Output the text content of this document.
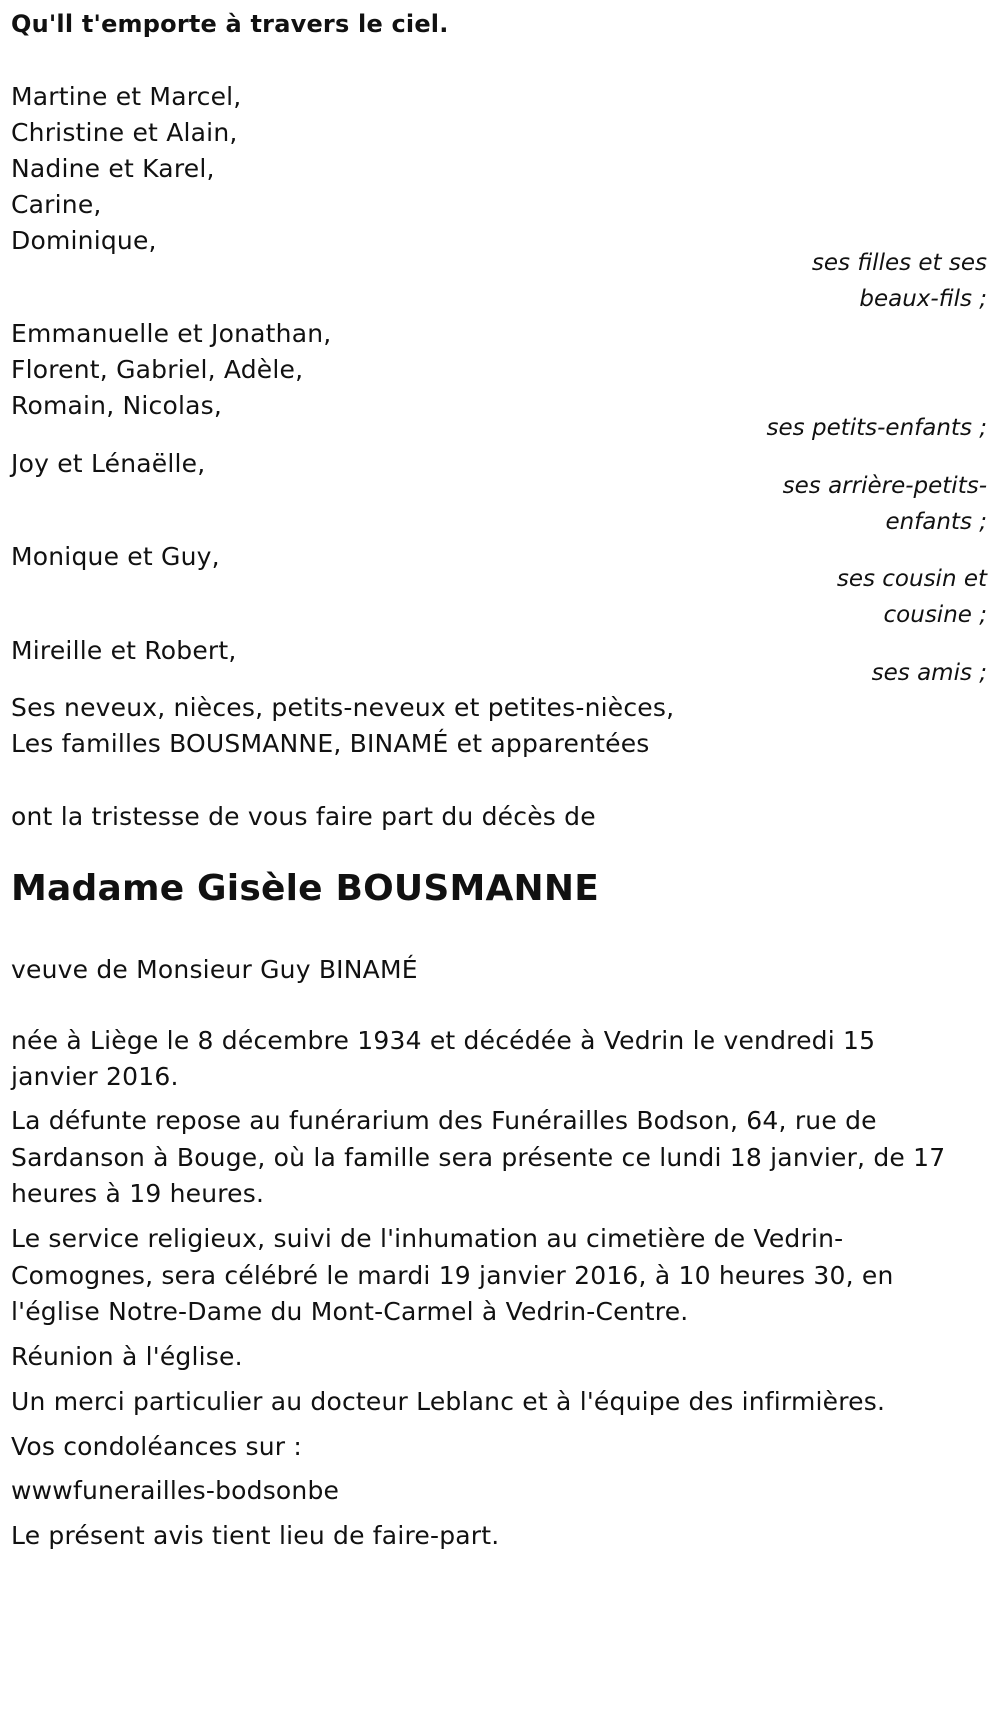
Qu'll t'emporte à travers le ciel.
Martine et Marcel,
Christine et Alain,
Nadine et Karel,
Carine,
Dominique,
ses filles et ses
beaux-fils ;
Emmanuelle et Jonathan,
Florent, Gabriel, Adèle,
Romain, Nicolas,
ses petits-enfants ;
Joy et Lénaëlle,
ses arrière-petits-
enfants ;
Monique et Guy,
ses cousin et
cousine ;
Mireille et Robert,
ses amis ;
Ses neveux, nièces, petits-neveux et petites-nièces,
Les familles BOUSMANNE, BINAMÉ et apparentées
ont la tristesse de vous faire part du décès de
Madame Gisèle BOUSMANNE
veuve de Monsieur Guy BINAMÉ
née à Liège le 8 décembre 1934 et décédée à Vedrin le vendredi 15
janvier 2016.
La défunte repose au funérarium des Funérailles Bodson, 64, rue de
Sardanson à Bouge, où la famille sera présente ce lundi 18 janvier, de 17
heures à 19 heures.
Le service religieux, suivi de l'inhumation au cimetière de Vedrin-
Comognes, sera célébré le mardi 19 janvier 2016, à 10 heures 30, en
l'église Notre-Dame du Mont-Carmel à Vedrin-Centre.
Réunion à l'église.
Un merci particulier au docteur Leblanc et à l'équipe des infirmières.
Vos condoléances sur :
wwwfunerailles-bodsonbe
Le présent avis tient lieu de faire-part.
